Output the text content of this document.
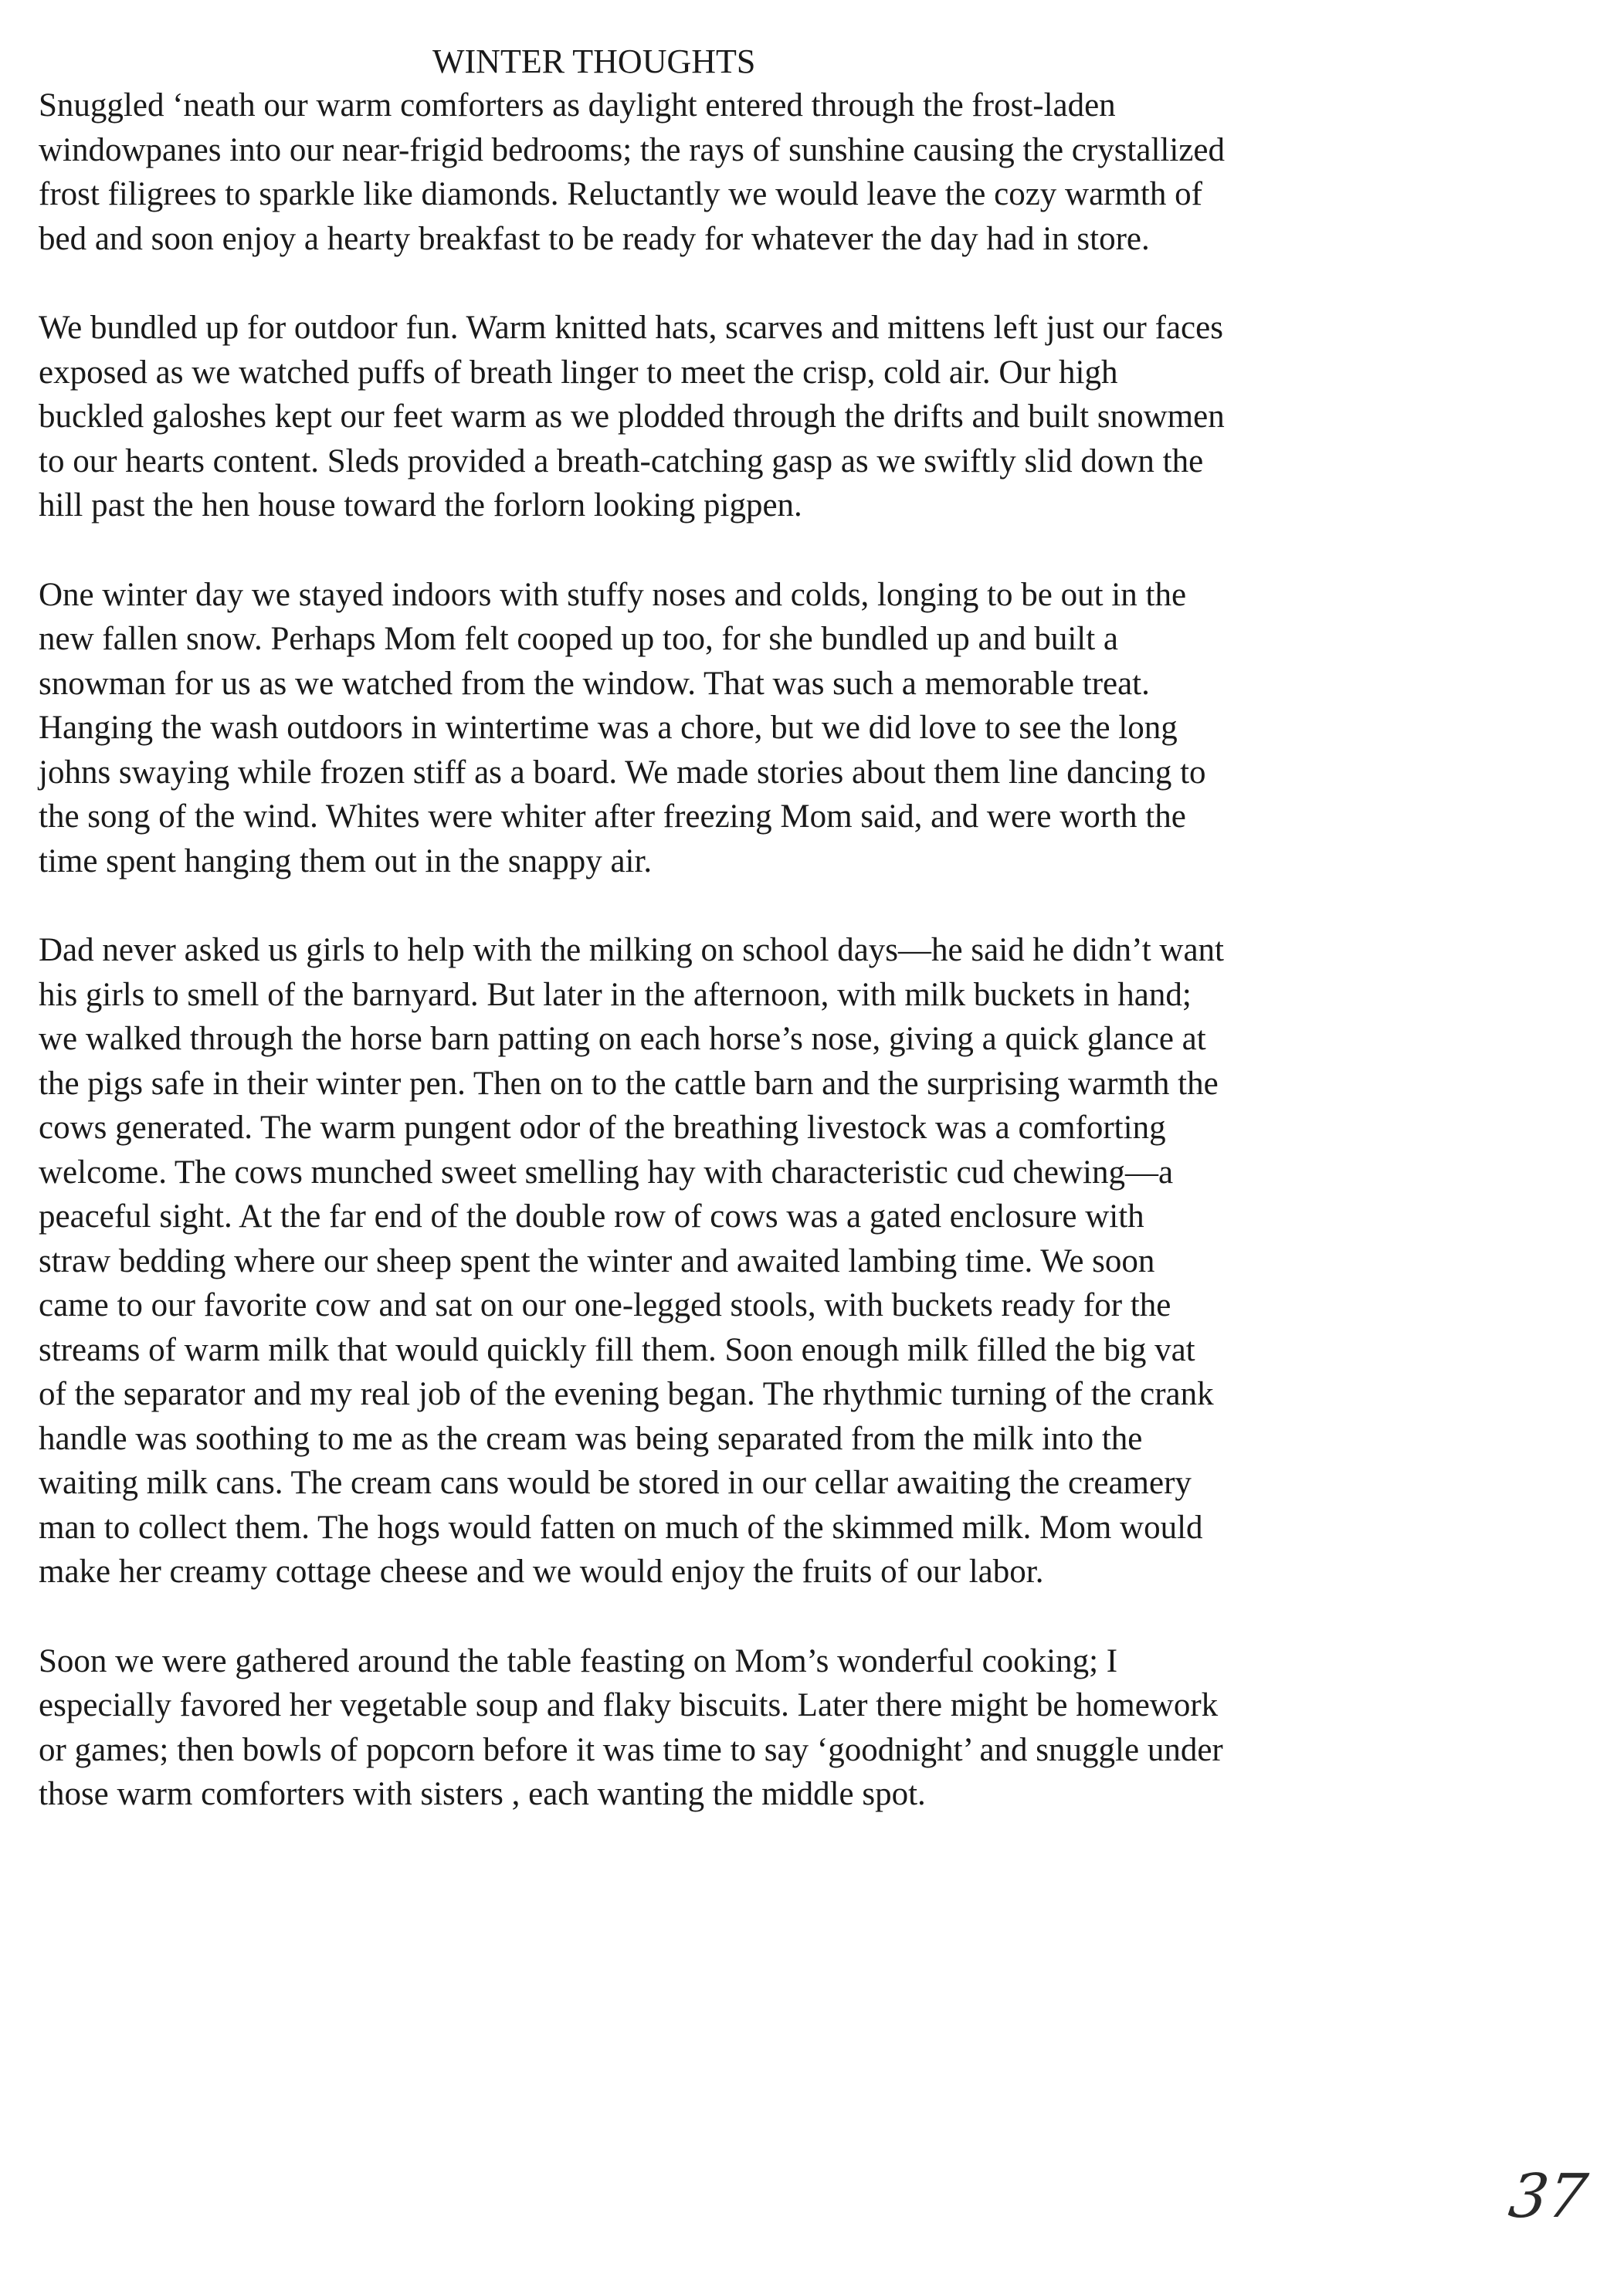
WINTER THOUGHTS
Snuggled ‘neath our warm comforters as daylight entered through the frost-laden
windowpanes into our near-frigid bedrooms; the rays of sunshine causing the crystallized
frost filigrees to sparkle like diamonds. Reluctantly we would leave the cozy warmth of
bed and soon enjoy a hearty breakfast to be ready for whatever the day had in store.
We bundled up for outdoor fun. Warm knitted hats, scarves and mittens left just our faces
exposed as we watched puffs of breath linger to meet the crisp, cold air. Our high
buckled galoshes kept our feet warm as we plodded through the drifts and built snowmen
to our hearts content. Sleds provided a breath-catching gasp as we swiftly slid down the
hill past the hen house toward the forlorn looking pigpen.
One winter day we stayed indoors with stuffy noses and colds, longing to be out in the
new fallen snow. Perhaps Mom felt cooped up too, for she bundled up and built a
snowman for us as we watched from the window. That was such a memorable treat.
Hanging the wash outdoors in wintertime was a chore, but we did love to see the long
johns swaying while frozen stiff as a board. We made stories about them line dancing to
the song of the wind. Whites were whiter after freezing Mom said, and were worth the
time spent hanging them out in the snappy air.
Dad never asked us girls to help with the milking on school days—he said he didn’t want
his girls to smell of the barnyard. But later in the afternoon, with milk buckets in hand;
we walked through the horse barn patting on each horse’s nose, giving a quick glance at
the pigs safe in their winter pen. Then on to the cattle barn and the surprising warmth the
cows generated. The warm pungent odor of the breathing livestock was a comforting
welcome. The cows munched sweet smelling hay with characteristic cud chewing—a
peaceful sight. At the far end of the double row of cows was a gated enclosure with
straw bedding where our sheep spent the winter and awaited lambing time. We soon
came to our favorite cow and sat on our one-legged stools, with buckets ready for the
streams of warm milk that would quickly fill them. Soon enough milk filled the big vat
of the separator and my real job of the evening began. The rhythmic turning of the crank
handle was soothing to me as the cream was being separated from the milk into the
waiting milk cans. The cream cans would be stored in our cellar awaiting the creamery
man to collect them. The hogs would fatten on much of the skimmed milk. Mom would
make her creamy cottage cheese and we would enjoy the fruits of our labor.
Soon we were gathered around the table feasting on Mom’s wonderful cooking; I
especially favored her vegetable soup and flaky biscuits. Later there might be homework
or games; then bowls of popcorn before it was time to say ‘goodnight’ and snuggle under
those warm comforters with sisters , each wanting the middle spot.
37
